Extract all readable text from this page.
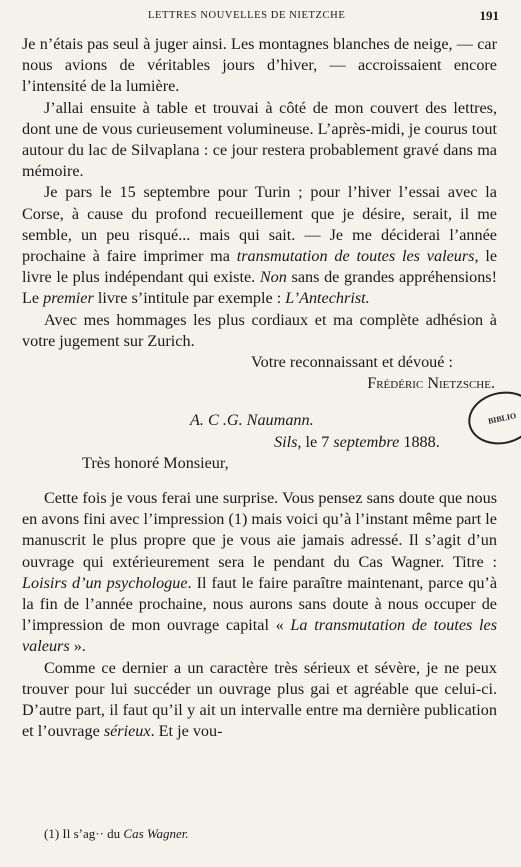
LETTRES NOUVELLES DE NIETZCHE	191

Je n’étais pas seul à juger ainsi. Les montagnes blanches de neige, — car nous avions de véritables jours d’hiver, — accroissaient encore l’intensité de la lumière.

J’allai ensuite à table et trouvai à côté de mon couvert des lettres, dont une de vous curieusement volumineuse. L’après-midi, je courus tout autour du lac de Silvaplana : ce jour restera probablement gravé dans ma mémoire.

Je pars le 15 septembre pour Turin ; pour l’hiver l’essai avec la Corse, à cause du profond recueillement que je désire, serait, il me semble, un peu risqué... mais qui sait. — Je me déciderai l’année prochaine à faire imprimer ma transmutation de toutes les valeurs, le livre le plus indépendant qui existe. Non sans de grandes appréhensions! Le premier livre s’intitule par exemple : L’Antechrist.

Avec mes hommages les plus cordiaux et ma complète adhésion à votre jugement sur Zurich.

Votre reconnaissant et dévoué :

Frédéric Nietzsche.

A. C .G. Naumann.

Sils, le 7 septembre 1888.

Très honoré Monsieur,

Cette fois je vous ferai une surprise. Vous pensez sans doute que nous en avons fini avec l’impression (1) mais voici qu’à l’instant même part le manuscrit le plus propre que je vous aie jamais adressé. Il s’agit d’un ouvrage qui extérieurement sera le pendant du Cas Wagner. Titre : Loisirs d’un psychologue. Il faut le faire paraître maintenant, parce qu’à la fin de l’année prochaine, nous aurons sans doute à nous occuper de l’impression de mon ouvrage capital « La transmutation de toutes les valeurs ».

Comme ce dernier a un caractère très sérieux et sévère, je ne peux trouver pour lui succéder un ouvrage plus gai et agréable que celui-ci. D’autre part, il faut qu’il y ait un intervalle entre ma dernière publication et l’ouvrage sérieux. Et je vou-

BIBLIO
(1) Il s’ag·· du Cas Wagner.
